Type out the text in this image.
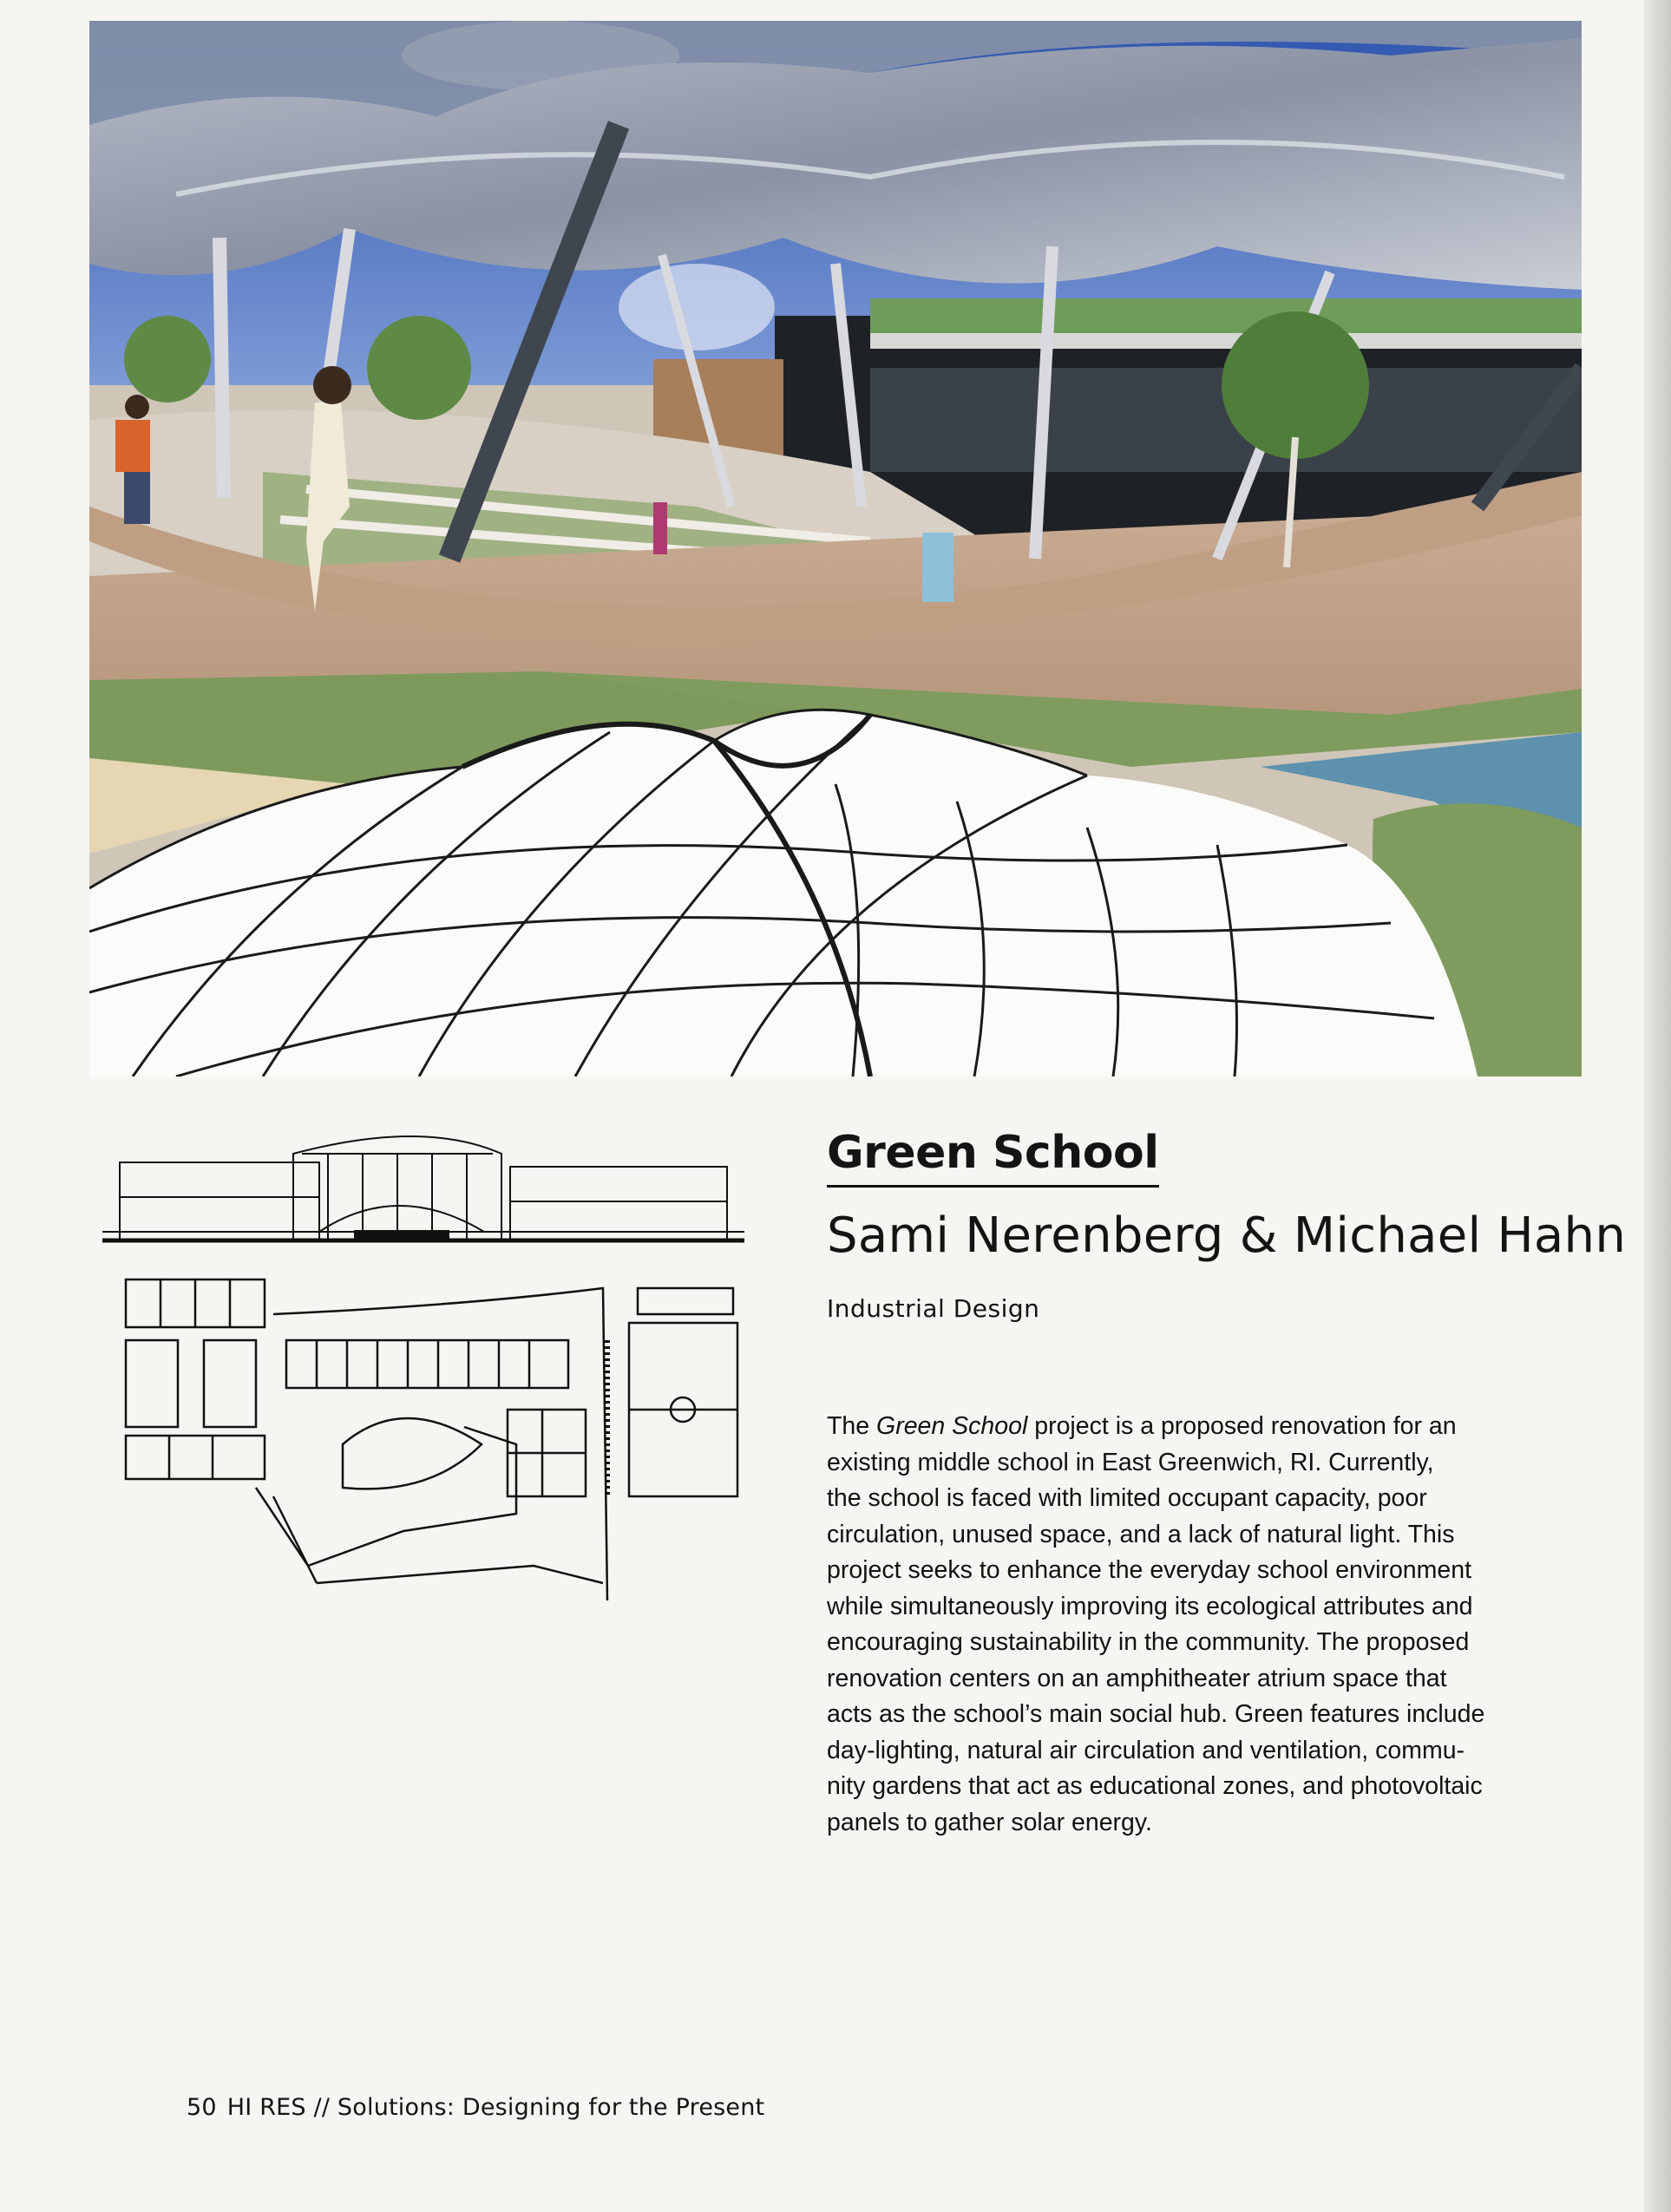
Green School
Sami Nerenberg & Michael Hahn
Industrial Design

The Green School project is a proposed renovation for an
existing middle school in East Greenwich, RI. Currently,
the school is faced with limited occupant capacity, poor
circulation, unused space, and a lack of natural light. This
project seeks to enhance the everyday school environment
while simultaneously improving its ecological attributes and
encouraging sustainability in the community. The proposed
renovation centers on an amphitheater atrium space that
acts as the school’s main social hub. Green features include
day-lighting, natural air circulation and ventilation, commu-
nity gardens that act as educational zones, and photovoltaic
panels to gather solar energy.

50 HI RES // Solutions: Designing for the Present
